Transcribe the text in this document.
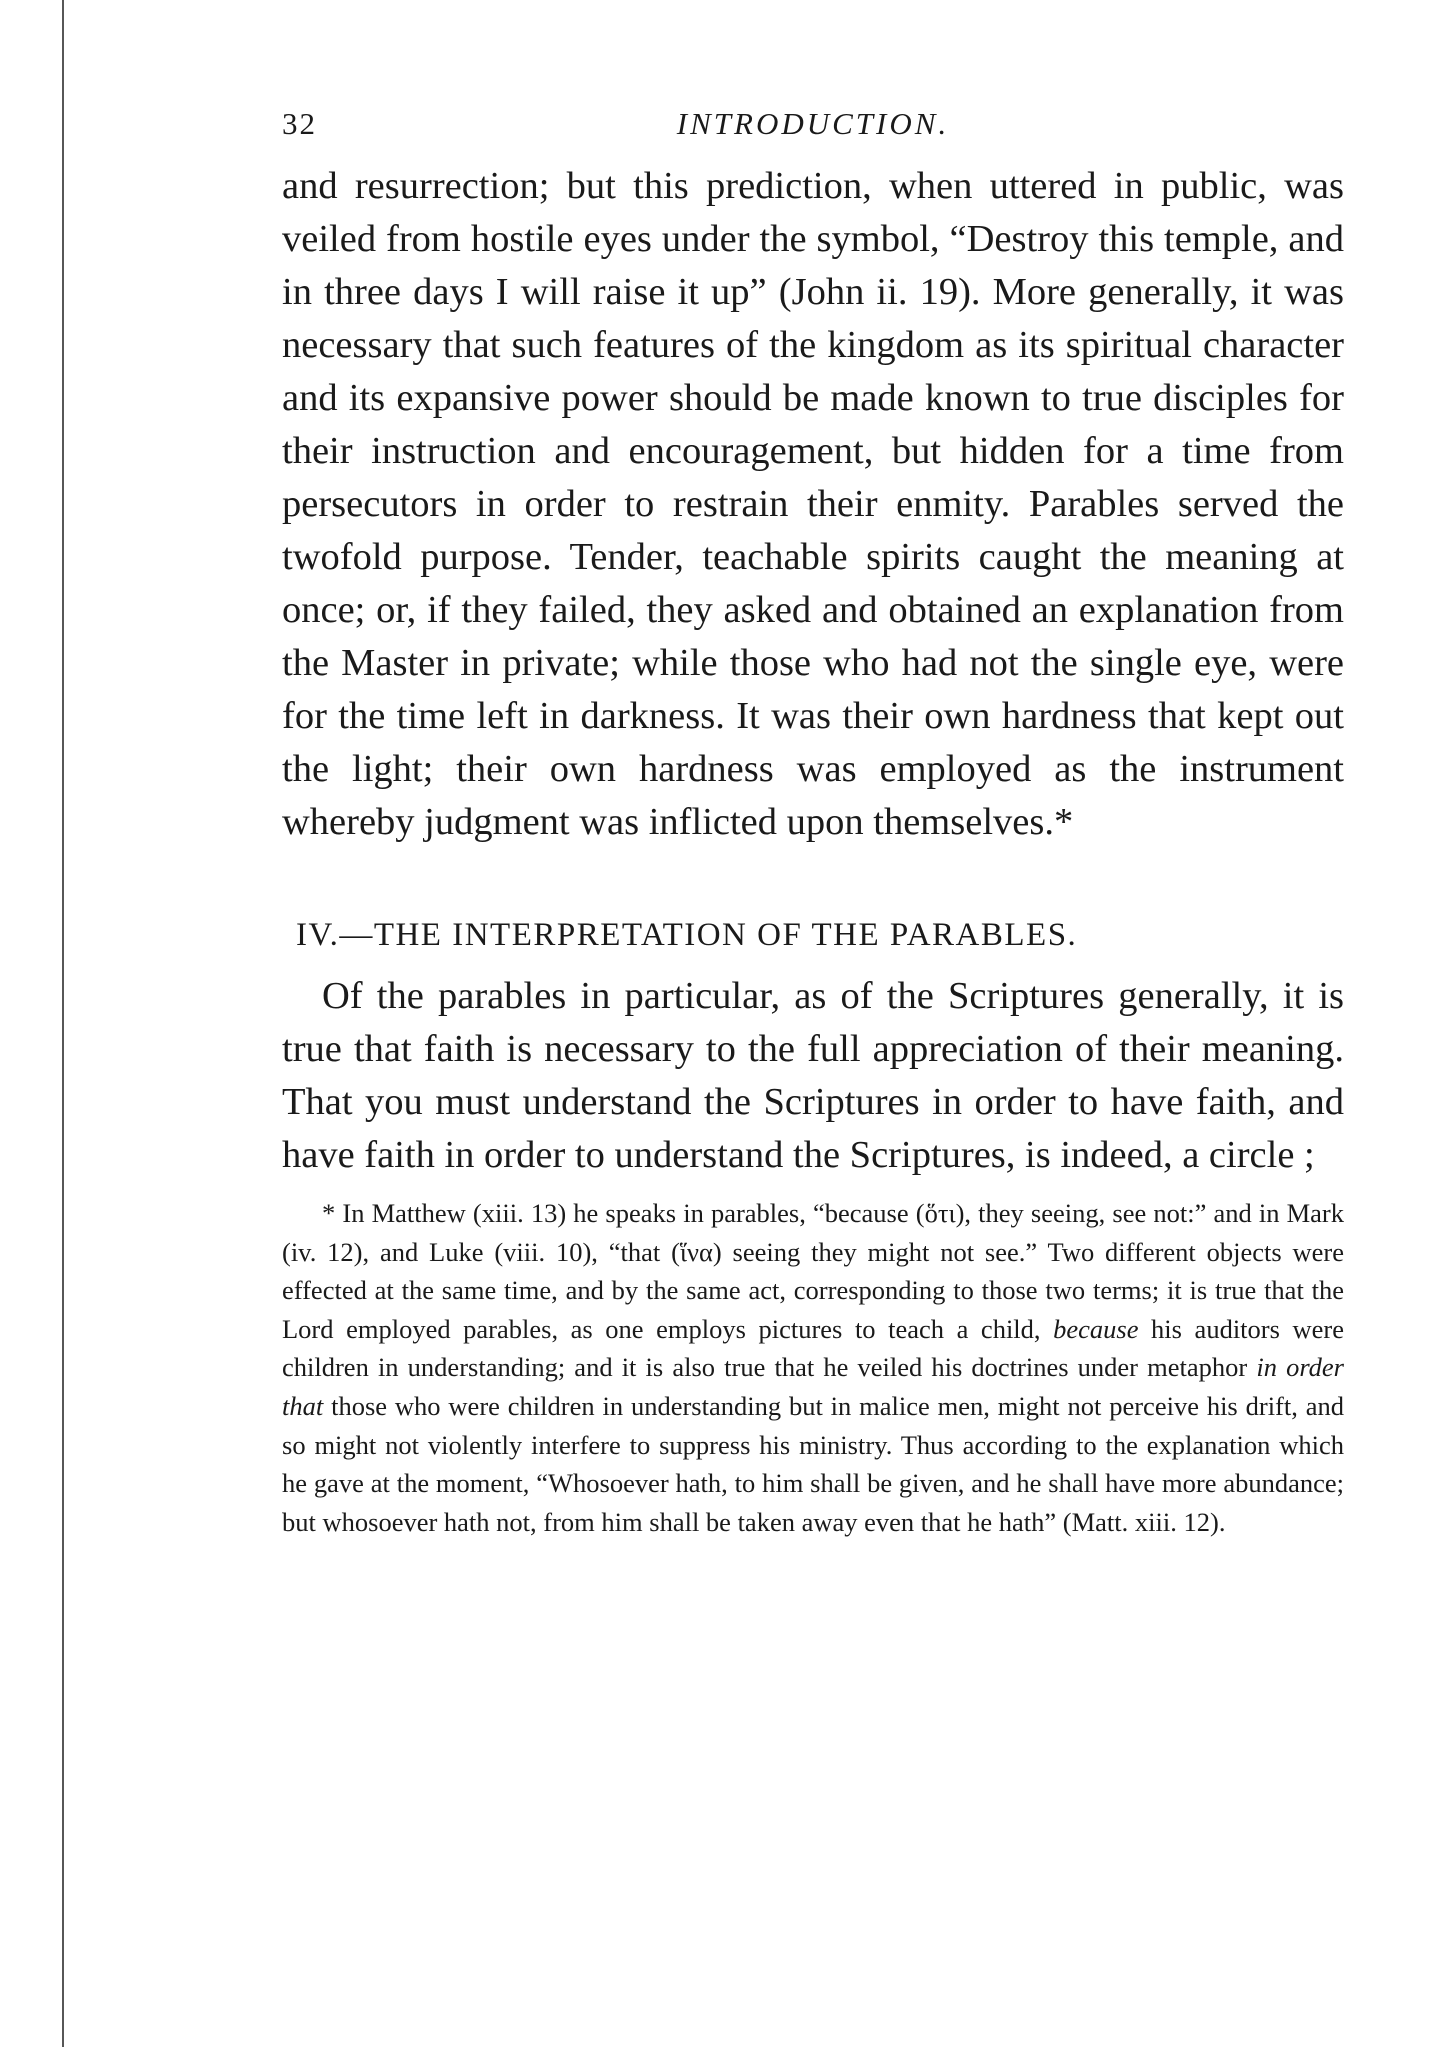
32	INTRODUCTION.

and resurrection; but this prediction, when uttered in public, was veiled from hostile eyes under the symbol, “Destroy this temple, and in three days I will raise it up” (John ii. 19). More generally, it was necessary that such features of the kingdom as its spiritual character and its expansive power should be made known to true disciples for their instruction and encouragement, but hidden for a time from persecutors in order to restrain their enmity. Parables served the twofold purpose. Tender, teachable spirits caught the meaning at once; or, if they failed, they asked and obtained an explanation from the Master in private; while those who had not the single eye, were for the time left in darkness. It was their own hardness that kept out the light; their own hardness was employed as the instrument whereby judgment was inflicted upon themselves.*

IV.—THE INTERPRETATION OF THE PARABLES.

Of the parables in particular, as of the Scriptures generally, it is true that faith is necessary to the full appreciation of their meaning. That you must understand the Scriptures in order to have faith, and have faith in order to understand the Scriptures, is indeed, a circle ;

* In Matthew (xiii. 13) he speaks in parables, “because (ὅτι), they seeing, see not:” and in Mark (iv. 12), and Luke (viii. 10), “that (ἵνα) seeing they might not see.” Two different objects were effected at the same time, and by the same act, corresponding to those two terms; it is true that the Lord employed parables, as one employs pictures to teach a child, because his auditors were children in understanding; and it is also true that he veiled his doctrines under metaphor in order that those who were children in understanding but in malice men, might not perceive his drift, and so might not violently interfere to suppress his ministry. Thus according to the explanation which he gave at the moment, “Whosoever hath, to him shall be given, and he shall have more abundance; but whosoever hath not, from him shall be taken away even that he hath” (Matt. xiii. 12).
